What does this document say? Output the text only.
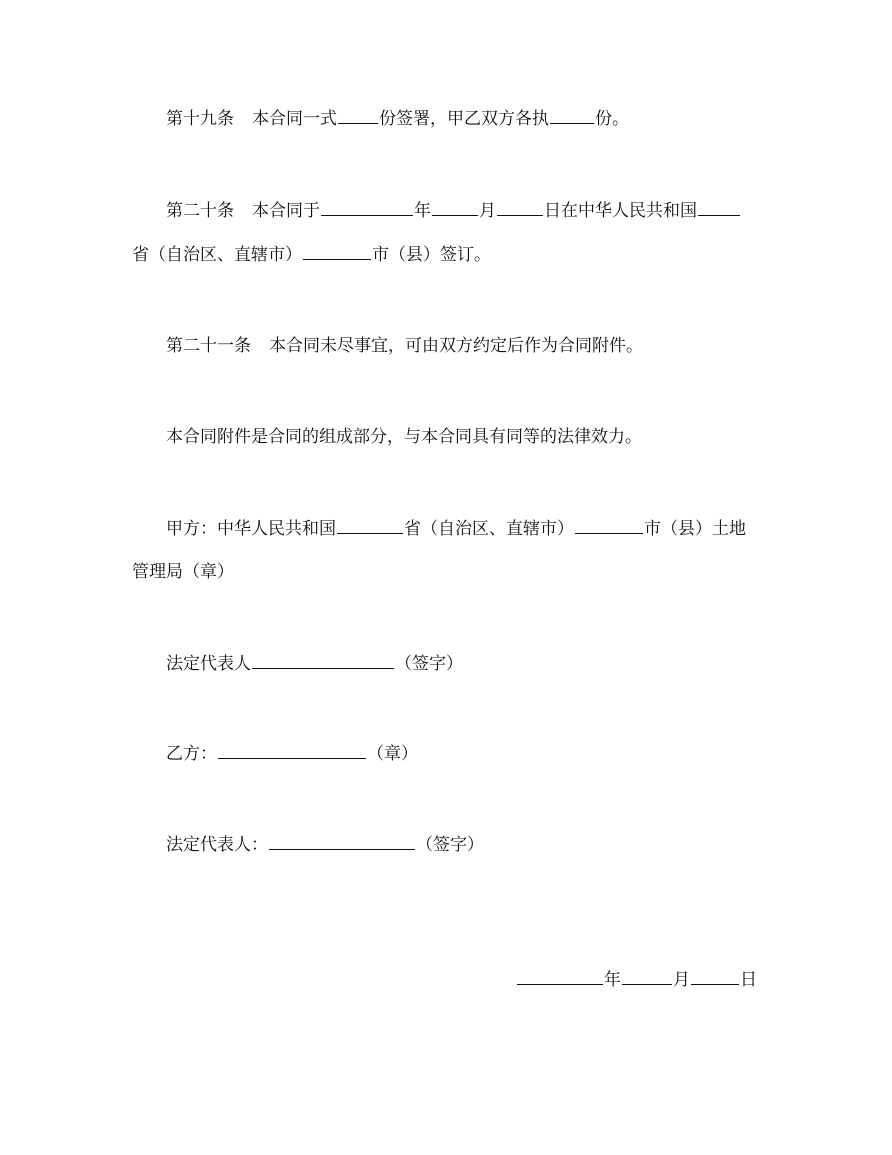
第十九条 本合同一式 份签署，甲乙双方各执	份。
第二十条 本合同于	年	月	日在中华人民共和国
省（自治区、直辖市）	市（县）签订。
第二十一条 本合同未尽事宜，可由双方约定后作为合同附件。
本合同附件是合同的组成部分，与本合同具有同等的法律效力。
甲方：中华人民共和国	省（自治区、直辖市）	市（县）土地
管理局（章）
法定代表人	（签字）
乙方：	（章）
法定代表人：	（签字）
年	月	日
